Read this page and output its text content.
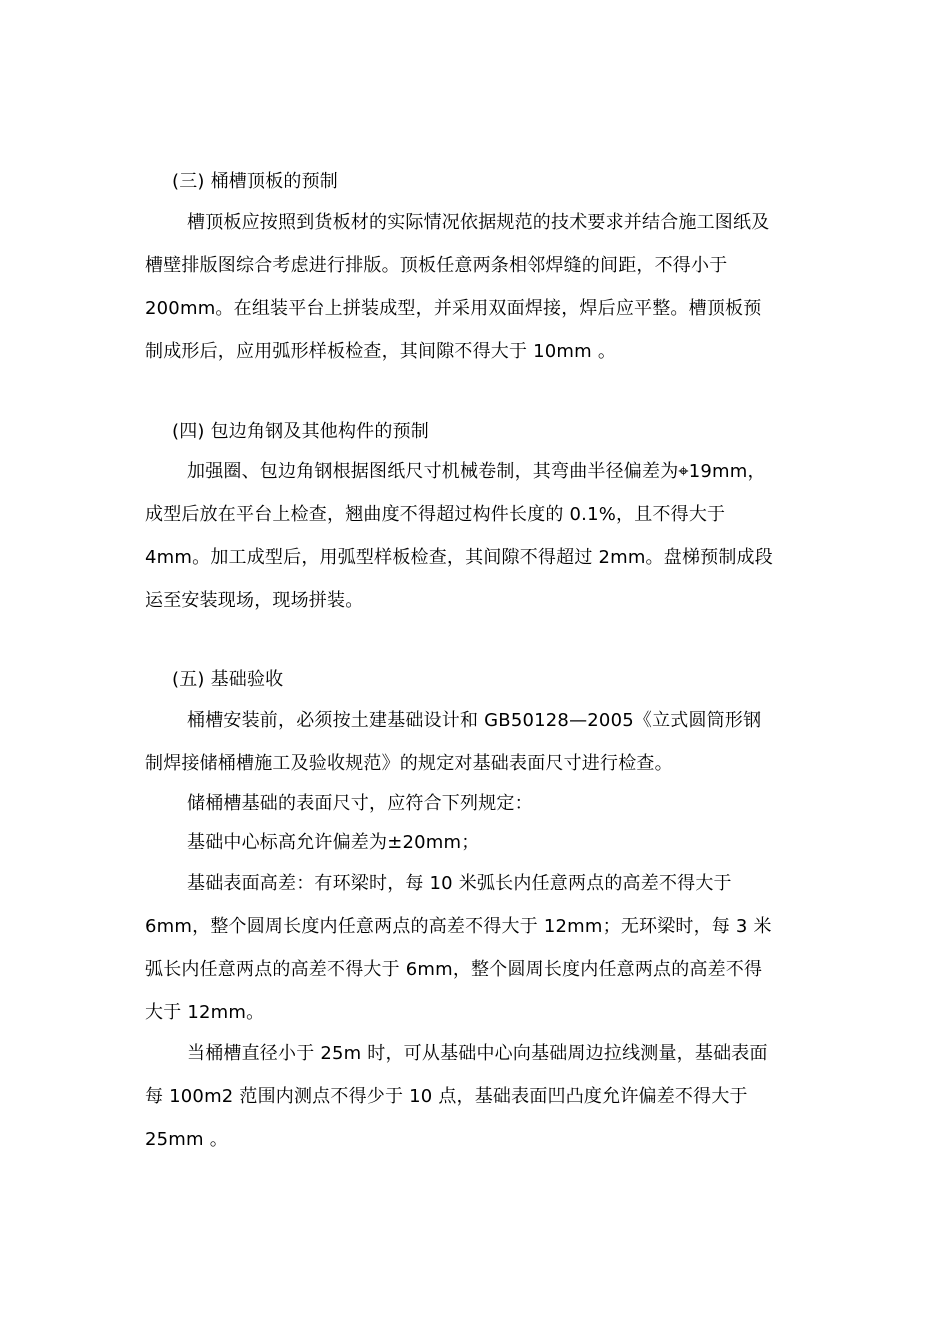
(三) 桶槽顶板的预制
槽顶板应按照到货板材的实际情况依据规范的技术要求并结合施工图纸及
槽壁排版图综合考虑进行排版。顶板任意两条相邻焊缝的间距，不得小于
200mm。在组装平台上拼装成型，并采用双面焊接，焊后应平整。槽顶板预
制成形后，应用弧形样板检查，其间隙不得大于 10mm 。
(四) 包边角钢及其他构件的预制
加强圈、包边角钢根据图纸尺寸机械卷制，其弯曲半径偏差为⌖19mm，
成型后放在平台上检查，翘曲度不得超过构件长度的 0.1%，且不得大于
4mm。加工成型后，用弧型样板检查，其间隙不得超过 2mm。盘梯预制成段
运至安装现场，现场拼装。
(五) 基础验收
桶槽安装前，必须按土建基础设计和 GB50128—2005《立式圆筒形钢
制焊接储桶槽施工及验收规范》的规定对基础表面尺寸进行检查。
储桶槽基础的表面尺寸，应符合下列规定：
基础中心标高允许偏差为±20mm；
基础表面高差：有环梁时，每 10 米弧长内任意两点的高差不得大于
6mm，整个圆周长度内任意两点的高差不得大于 12mm；无环梁时，每 3 米
弧长内任意两点的高差不得大于 6mm，整个圆周长度内任意两点的高差不得
大于 12mm。
当桶槽直径小于 25m 时，可从基础中心向基础周边拉线测量，基础表面
每 100m2 范围内测点不得少于 10 点，基础表面凹凸度允许偏差不得大于
25mm 。
